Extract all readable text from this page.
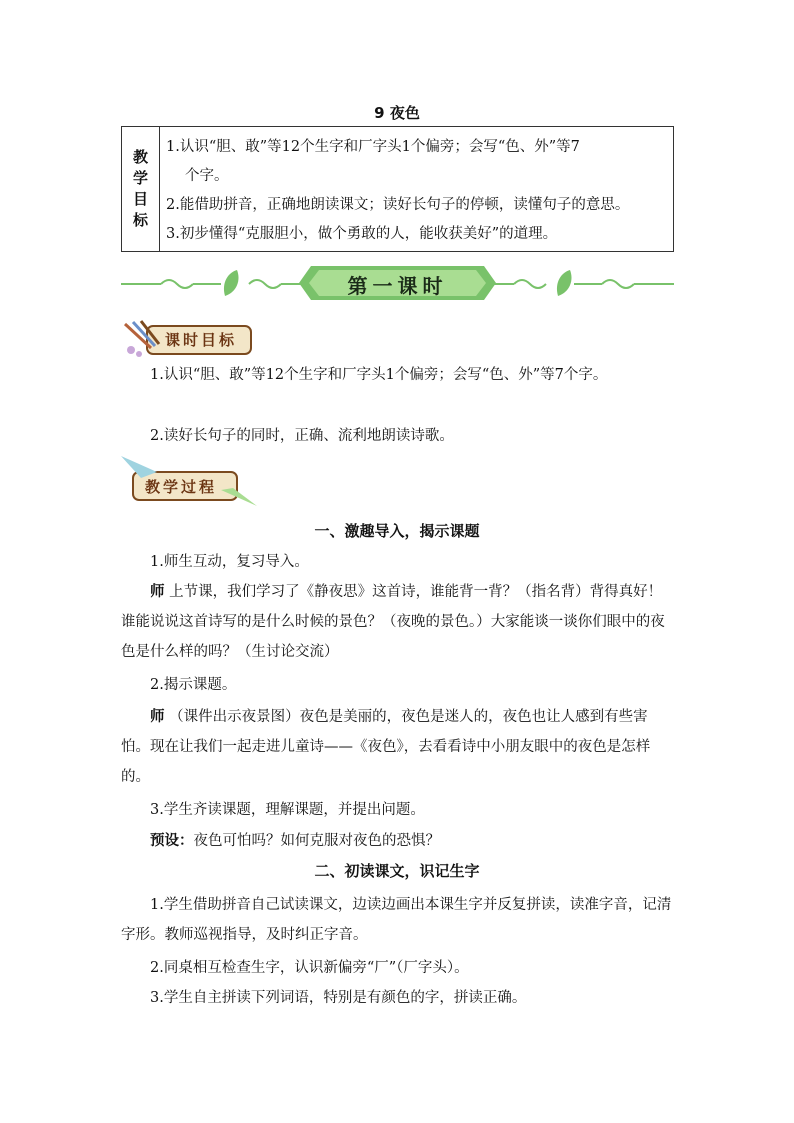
9 夜色
教
学
目
标
1.认识“胆、敢”等12个生字和厂字头1个偏旁；会写“色、外”等7
个字。
2.能借助拼音，正确地朗读课文；读好长句子的停顿，读懂句子的意思。
3.初步懂得“克服胆小，做个勇敢的人，能收获美好”的道理。
第一课时
课时目标
1.认识“胆、敢”等12个生字和厂字头1个偏旁；会写“色、外”等7个字。
2.读好长句子的同时，正确、流利地朗读诗歌。
教学过程
一、激趣导入，揭示课题
1.师生互动，复习导入。
师 上节课，我们学习了《静夜思》这首诗，谁能背一背？（指名背）背得真好！谁能说说这首诗写的是什么时候的景色？（夜晚的景色。）大家能谈一谈你们眼中的夜色是什么样的吗？（生讨论交流）
2.揭示课题。
师 （课件出示夜景图）夜色是美丽的，夜色是迷人的，夜色也让人感到有些害怕。现在让我们一起走进儿童诗——《夜色》，去看看诗中小朋友眼中的夜色是怎样的。
3.学生齐读课题，理解课题，并提出问题。
预设：夜色可怕吗？如何克服对夜色的恐惧？
二、初读课文，识记生字
1.学生借助拼音自己试读课文，边读边画出本课生字并反复拼读，读准字音，记清字形。教师巡视指导，及时纠正字音。
2.同桌相互检查生字，认识新偏旁“厂”（厂字头）。
3.学生自主拼读下列词语，特别是有颜色的字，拼读正确。
